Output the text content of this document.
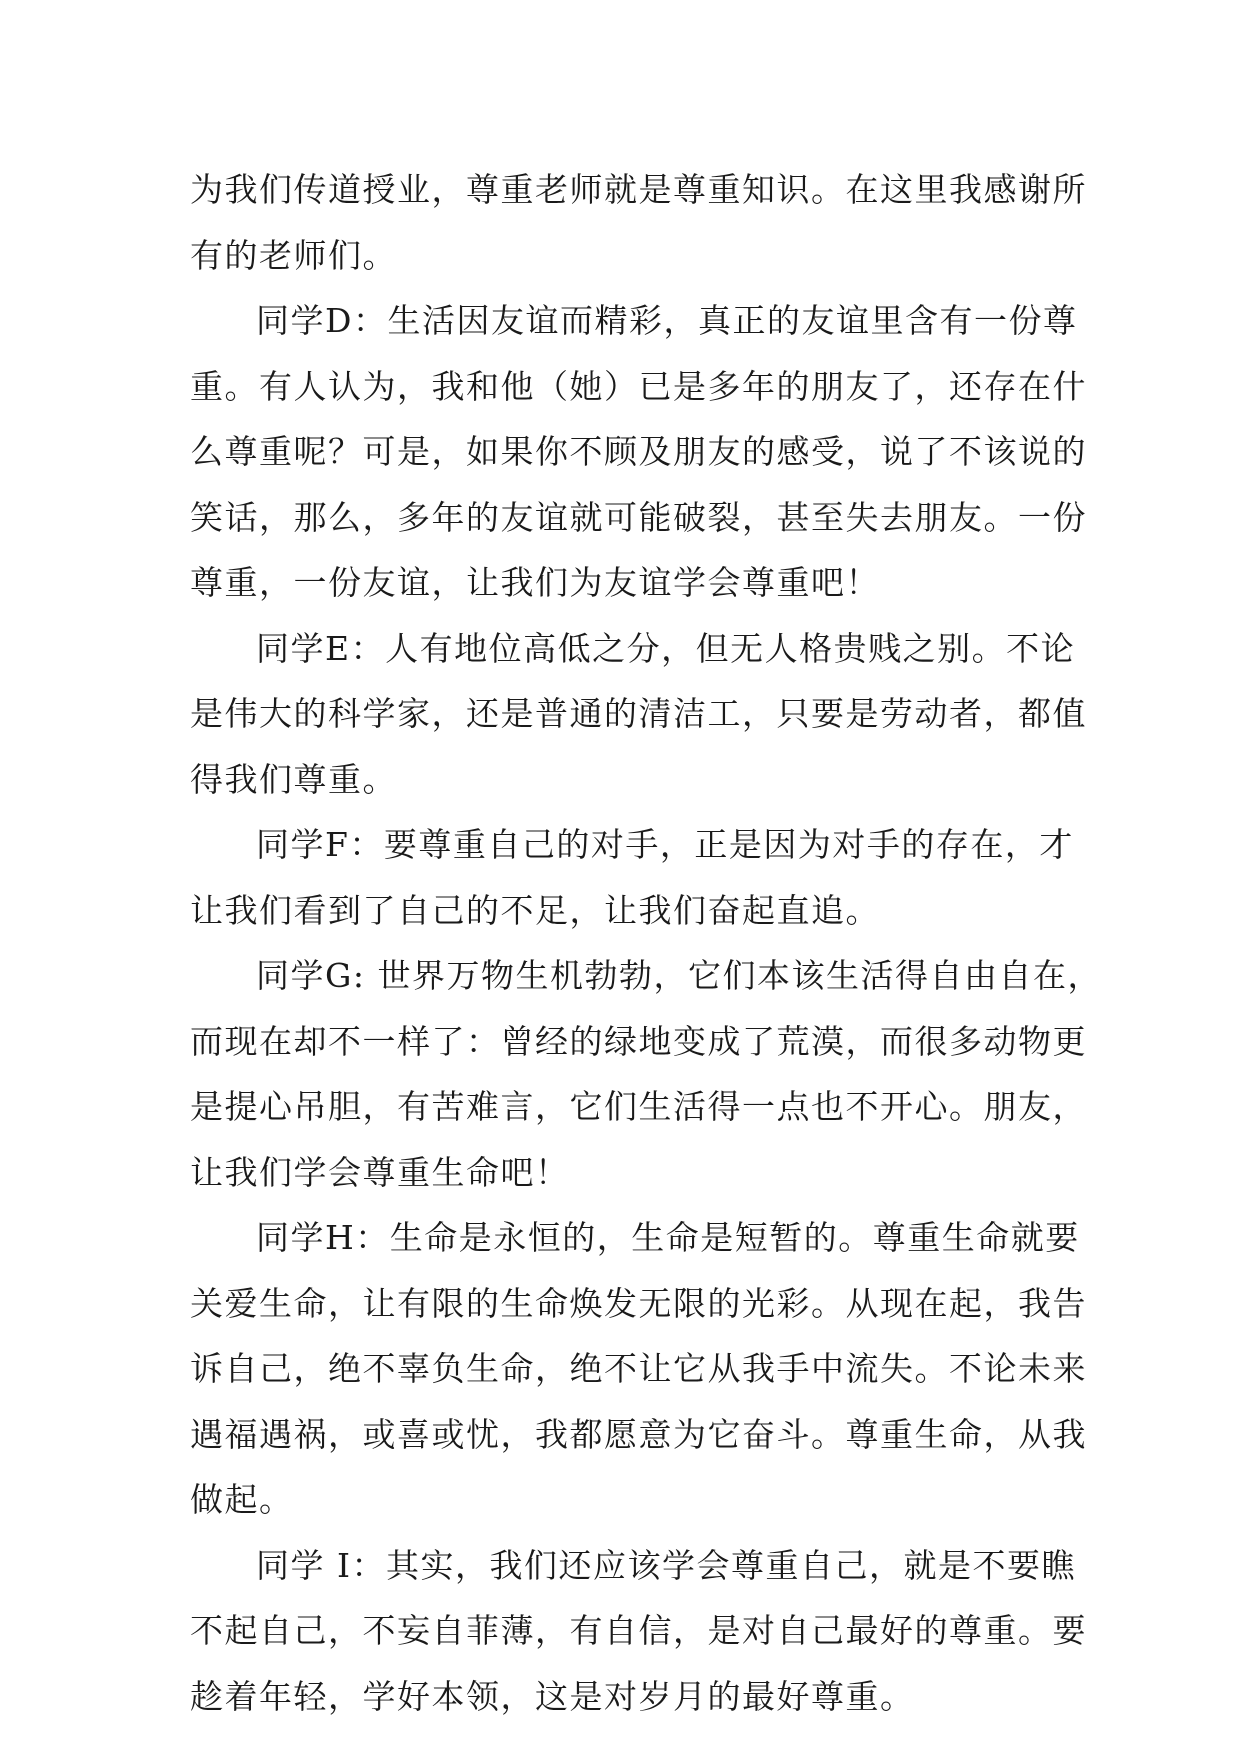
为我们传道授业，尊重老师就是尊重知识。在这里我感谢所
有的老师们。

同学D：生活因友谊而精彩，真正的友谊里含有一份尊
重。有人认为，我和他（她）已是多年的朋友了，还存在什
么尊重呢？可是，如果你不顾及朋友的感受，说了不该说的
笑话，那么，多年的友谊就可能破裂，甚至失去朋友。一份
尊重，一份友谊，让我们为友谊学会尊重吧！

同学E：人有地位高低之分，但无人格贵贱之别。不论
是伟大的科学家，还是普通的清洁工，只要是劳动者，都值
得我们尊重。

同学F：要尊重自己的对手，正是因为对手的存在，才
让我们看到了自己的不足，让我们奋起直追。

同学G: 世界万物生机勃勃，它们本该生活得自由自在，
而现在却不一样了：曾经的绿地变成了荒漠，而很多动物更
是提心吊胆，有苦难言，它们生活得一点也不开心。朋友，
让我们学会尊重生命吧！

同学H：生命是永恒的，生命是短暂的。尊重生命就要
关爱生命，让有限的生命焕发无限的光彩。从现在起，我告
诉自己，绝不辜负生命，绝不让它从我手中流失。不论未来
遇福遇祸，或喜或忧，我都愿意为它奋斗。尊重生命，从我
做起。

同学 I：其实，我们还应该学会尊重自己，就是不要瞧
不起自己，不妄自菲薄，有自信，是对自己最好的尊重。要
趁着年轻，学好本领，这是对岁月的最好尊重。
